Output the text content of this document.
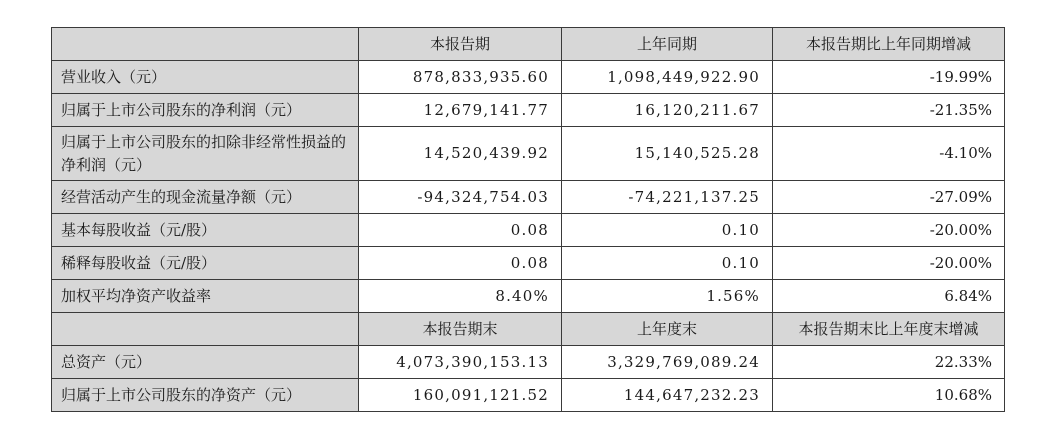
	本报告期	上年同期	本报告期比上年同期增减
营业收入（元）	878,833,935.60	1,098,449,922.90	-19.99%
归属于上市公司股东的净利润（元）	12,679,141.77	16,120,211.67	-21.35%
归属于上市公司股东的扣除非经常性损益的净利润（元）	14,520,439.92	15,140,525.28	-4.10%
经营活动产生的现金流量净额（元）	-94,324,754.03	-74,221,137.25	-27.09%
基本每股收益（元/股）	0.08	0.10	-20.00%
稀释每股收益（元/股）	0.08	0.10	-20.00%
加权平均净资产收益率	8.40%	1.56%	6.84%
	本报告期末	上年度末	本报告期末比上年度末增减
总资产（元）	4,073,390,153.13	3,329,769,089.24	22.33%
归属于上市公司股东的净资产（元）	160,091,121.52	144,647,232.23	10.68%
